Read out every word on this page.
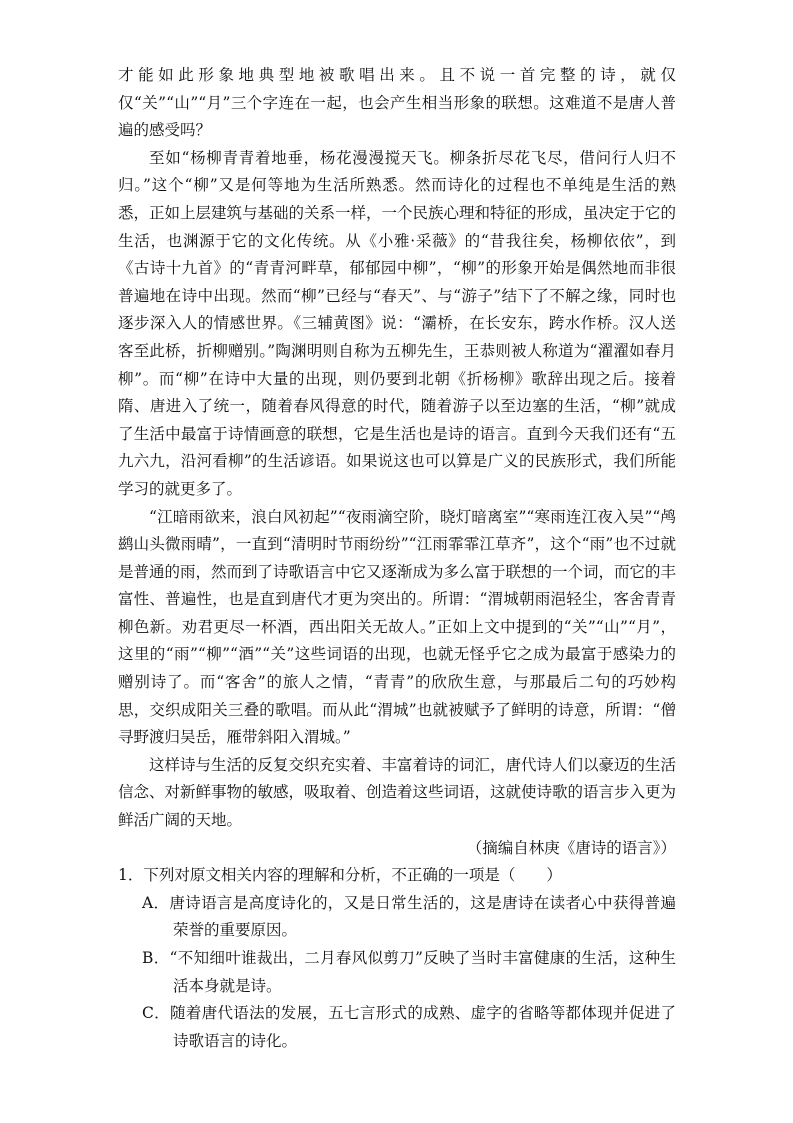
才能如此形象地典型地被歌唱出来。且不说一首完整的诗，就仅仅“关”“山”“月”三个字连在一起，也会产生相当形象的联想。这难道不是唐人普遍的感受吗？

至如“杨柳青青着地垂，杨花漫漫搅天飞。柳条折尽花飞尽，借问行人归不归。”这个“柳”又是何等地为生活所熟悉。然而诗化的过程也不单纯是生活的熟悉，正如上层建筑与基础的关系一样，一个民族心理和特征的形成，虽决定于它的生活，也渊源于它的文化传统。从《小雅·采薇》的“昔我往矣，杨柳依依”，到《古诗十九首》的“青青河畔草，郁郁园中柳”，“柳”的形象开始是偶然地而非很普遍地在诗中出现。然而“柳”已经与“春天”、与“游子”结下了不解之缘，同时也逐步深入人的情感世界。《三辅黄图》说：“灞桥，在长安东，跨水作桥。汉人送客至此桥，折柳赠别。”陶渊明则自称为五柳先生，王恭则被人称道为“濯濯如春月柳”。而“柳”在诗中大量的出现，则仍要到北朝《折杨柳》歌辞出现之后。接着隋、唐进入了统一，随着春风得意的时代，随着游子以至边塞的生活，“柳”就成了生活中最富于诗情画意的联想，它是生活也是诗的语言。直到今天我们还有“五九六九，沿河看柳”的生活谚语。如果说这也可以算是广义的民族形式，我们所能学习的就更多了。

“江暗雨欲来，浪白风初起”“夜雨滴空阶，晓灯暗离室”“寒雨连江夜入吴”“鸬鹚山头微雨晴”，一直到“清明时节雨纷纷”“江雨霏霏江草齐”，这个“雨”也不过就是普通的雨，然而到了诗歌语言中它又逐渐成为多么富于联想的一个词，而它的丰富性、普遍性，也是直到唐代才更为突出的。所谓：“渭城朝雨浥轻尘，客舍青青柳色新。劝君更尽一杯酒，西出阳关无故人。”正如上文中提到的“关”“山”“月”，这里的“雨”“柳”“酒”“关”这些词语的出现，也就无怪乎它之成为最富于感染力的赠别诗了。而“客舍”的旅人之情，“青青”的欣欣生意，与那最后二句的巧妙构思，交织成阳关三叠的歌唱。而从此“渭城”也就被赋予了鲜明的诗意，所谓：“僧寻野渡归吴岳，雁带斜阳入渭城。”

这样诗与生活的反复交织充实着、丰富着诗的词汇，唐代诗人们以豪迈的生活信念、对新鲜事物的敏感，吸取着、创造着这些词语，这就使诗歌的语言步入更为鲜活广阔的天地。

（摘编自林庚《唐诗的语言》）

1．下列对原文相关内容的理解和分析，不正确的一项是（　　）

A．唐诗语言是高度诗化的，又是日常生活的，这是唐诗在读者心中获得普遍荣誉的重要原因。

B．“不知细叶谁裁出，二月春风似剪刀”反映了当时丰富健康的生活，这种生活本身就是诗。

C．随着唐代语法的发展，五七言形式的成熟、虚字的省略等都体现并促进了诗歌语言的诗化。
